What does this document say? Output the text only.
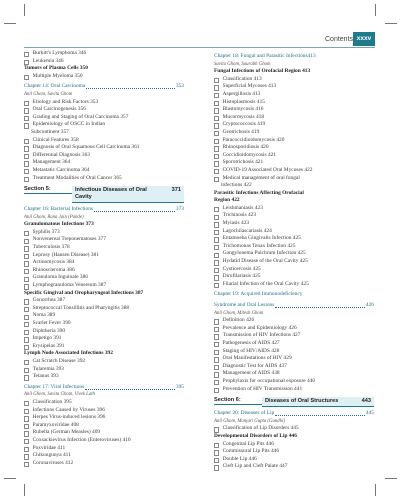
Contents xxxv
Burkitt's Lymphoma 346
Leukemia 346
Tumors of Plasma Cells 350
Multiple Myeloma 350
Chapter 14: Oral Carcinoma	353
Anil Ghom, Savita Ghom
Etiology and Risk Factors 353
Oral Carcinogenesis 356
Grading and Staging of Oral Carcinoma 357
Epidemiology of OSCC in Indian
Subcontinent 357
Clinical Features 358
Diagnosis of Oral Squamous Cell Carcinoma 361
Differential Diagnosis 363
Management 364
Metastatic Carcinoma 364
Treatment Modalities of Oral Cancer 365
Section 5:	371
Infectious Diseases of Oral
Cavity
Chapter 16: Bacterial Infections	373
Anil Ghom, Rana Jain (Pande)
Granulomatous Infections 373
Syphilis 373
Nonvenereal Treponematoses 377
Tuberculosis 378
Leprosy (Hansen Disease) 381
Actinomycosis 384
Rhinoscleroma 386
Granuloma Inguinale 386
Lymphogranuloma Venereum 387
Specific Gingival and Oropharyngeal Infections 387
Gonorrhea 387
Streptococcal Tonsillitis and Pharyngitis 388
Noma 389
Scarlet Fever 390
Diphtheria 390
Impetigo 391
Erysipelas 391
Lymph Node Associated Infections 392
Cat Scratch Disease 392
Tularemia 393
Tetanus 393
Chapter 17: Viral Infections	395
Anil Ghom, Savita Ghom, Vivek Lath
Classification 395
Infections Caused by Viruses 396
Herpes Virus-induced lesions 396
Paramyxoviridae 408
Rubella (German Measles) 409
Coxsackievirus Infection (Enteroviruses) 410
Poxviridae 411
Chikungunya 411
Coronaviruses 412
Chapter 18: Fungal and Parasitic Infections 413
Savita Ghom, Saurabh Ghom
Fungal Infections of Orofacial Region 413
Classification 413
Superficial Mycoses 413
Aspergillosis 413
Histoplasmosis 415
Blastomycosis 416
Mucormycosis 418
Cryptococcosis 419
Geotrichosis 419
Paracoccidioidomycosis 420
Rhinosporidiosis 420
Coccidioidomycosis 421
Sporotrichosis 421
COVID-19 Associated Oral Mycoses 422
Medical management of oral fungal
infections 422
Parasitic Infections Affecting Orofacial
Region 422
Leishmaniasis 423
Trichinosis 423
Myiasis 423
Lagochilascariasis 424
Entamoeba Gingivalis Infection 425
Trichomonas Tenax Infection 425
Gongylonema Pulchrum Infection 425
Hydatid Disease of the Oral Cavity 425
Cysticercosis 425
Dirofilariasis 425
Filarial Infection of the Oral Cavity 425
Chapter 19: Acquired Immunodeficiency
Syndrome and Oral Lesions	426
Anil Ghom, Mitesh Ghom
Definition 426
Prevalence and Epidemiology 426
Transmission of HIV Infections 427
Pathogenesis of AIDS 427
Staging of HIV/AIDS 428
Oral Manifestations of HIV 429
Diagnostic Test for AIDS 437
Management of AIDS 438
Prophylaxis for occupational exposure 440
Prevention of HIV Transmission 441
Section 6:	443
Diseases of Oral Structures
Chapter 20: Diseases of Lip	445
Anil Ghom, Manjari Gupta (Gandhi)
Classification of Lip Disorders 445
Developmental Disorders of Lip 446
Congenital Lip Pits 446
Commissural Lip Pits 446
Double Lip 446
Cleft Lip and Cleft Palate 447
